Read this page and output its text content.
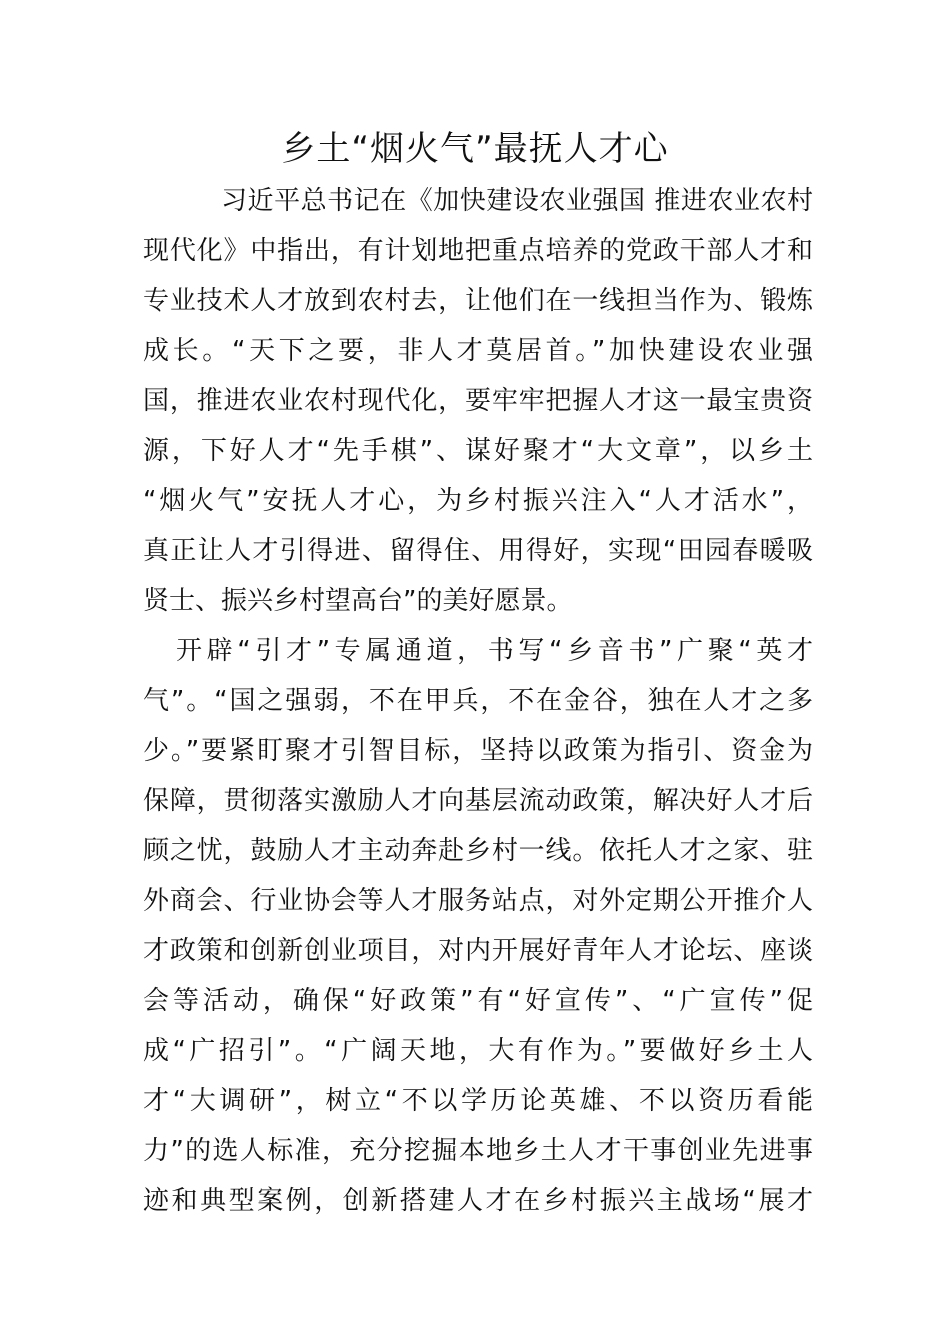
乡土“烟火气”最抚人才心
习近平总书记在《加快建设农业强国 推进农业农村
现代化》中指出，有计划地把重点培养的党政干部人才和
专业技术人才放到农村去，让他们在一线担当作为、锻炼
成长。“天下之要，非人才莫居首。”加快建设农业强
国，推进农业农村现代化，要牢牢把握人才这一最宝贵资
源，下好人才“先手棋”、谋好聚才“大文章”，以乡土
“烟火气”安抚人才心，为乡村振兴注入“人才活水”，
真正让人才引得进、留得住、用得好，实现“田园春暖吸
贤士、振兴乡村望高台”的美好愿景。
开辟“引才”专属通道，书写“乡音书”广聚“英才
气”。“国之强弱，不在甲兵，不在金谷，独在人才之多
少。”要紧盯聚才引智目标，坚持以政策为指引、资金为
保障，贯彻落实激励人才向基层流动政策，解决好人才后
顾之忧，鼓励人才主动奔赴乡村一线。依托人才之家、驻
外商会、行业协会等人才服务站点，对外定期公开推介人
才政策和创新创业项目，对内开展好青年人才论坛、座谈
会等活动，确保“好政策”有“好宣传”、“广宣传”促
成“广招引”。“广阔天地，大有作为。”要做好乡土人
才“大调研”，树立“不以学历论英雄、不以资历看能
力”的选人标准，充分挖掘本地乡土人才干事创业先进事
迹和典型案例，创新搭建人才在乡村振兴主战场“展才
